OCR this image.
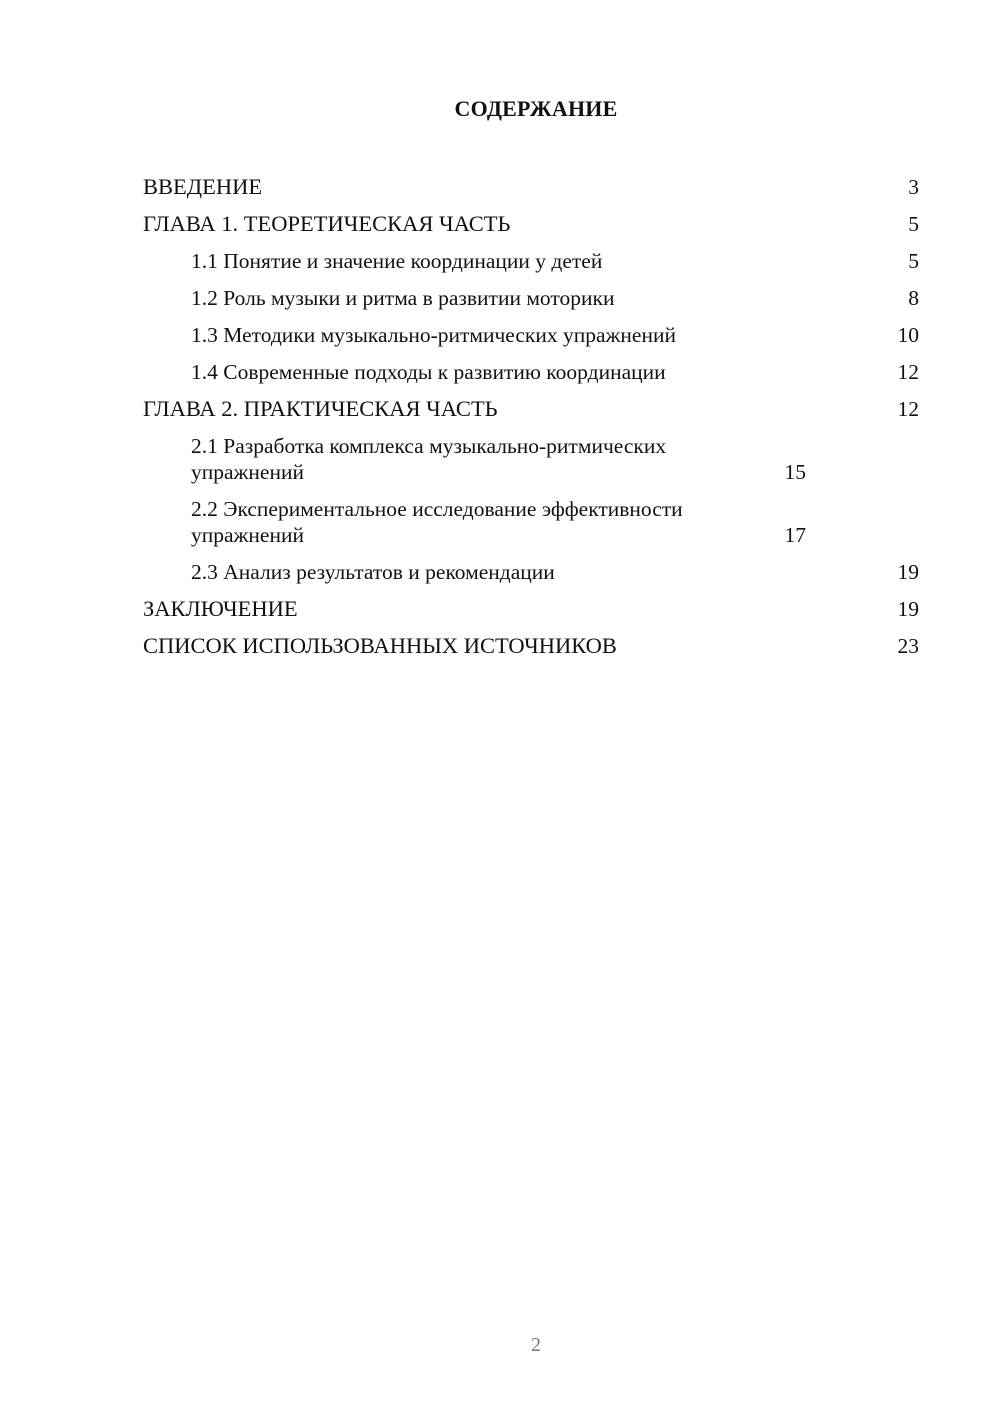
СОДЕРЖАНИЕ
ВВЕДЕНИЕ	3
ГЛАВА 1. ТЕОРЕТИЧЕСКАЯ ЧАСТЬ	5
1.1 Понятие и значение координации у детей	5
1.2 Роль музыки и ритма в развитии моторики	8
1.3 Методики музыкально-ритмических упражнений	10
1.4 Современные подходы к развитию координации	12
ГЛАВА 2. ПРАКТИЧЕСКАЯ ЧАСТЬ	12
2.1 Разработка комплекса музыкально-ритмических упражнений	15
2.2 Экспериментальное исследование эффективности упражнений	17
2.3 Анализ результатов и рекомендации	19
ЗАКЛЮЧЕНИЕ	19
СПИСОК ИСПОЛЬЗОВАННЫХ ИСТОЧНИКОВ	23
2
